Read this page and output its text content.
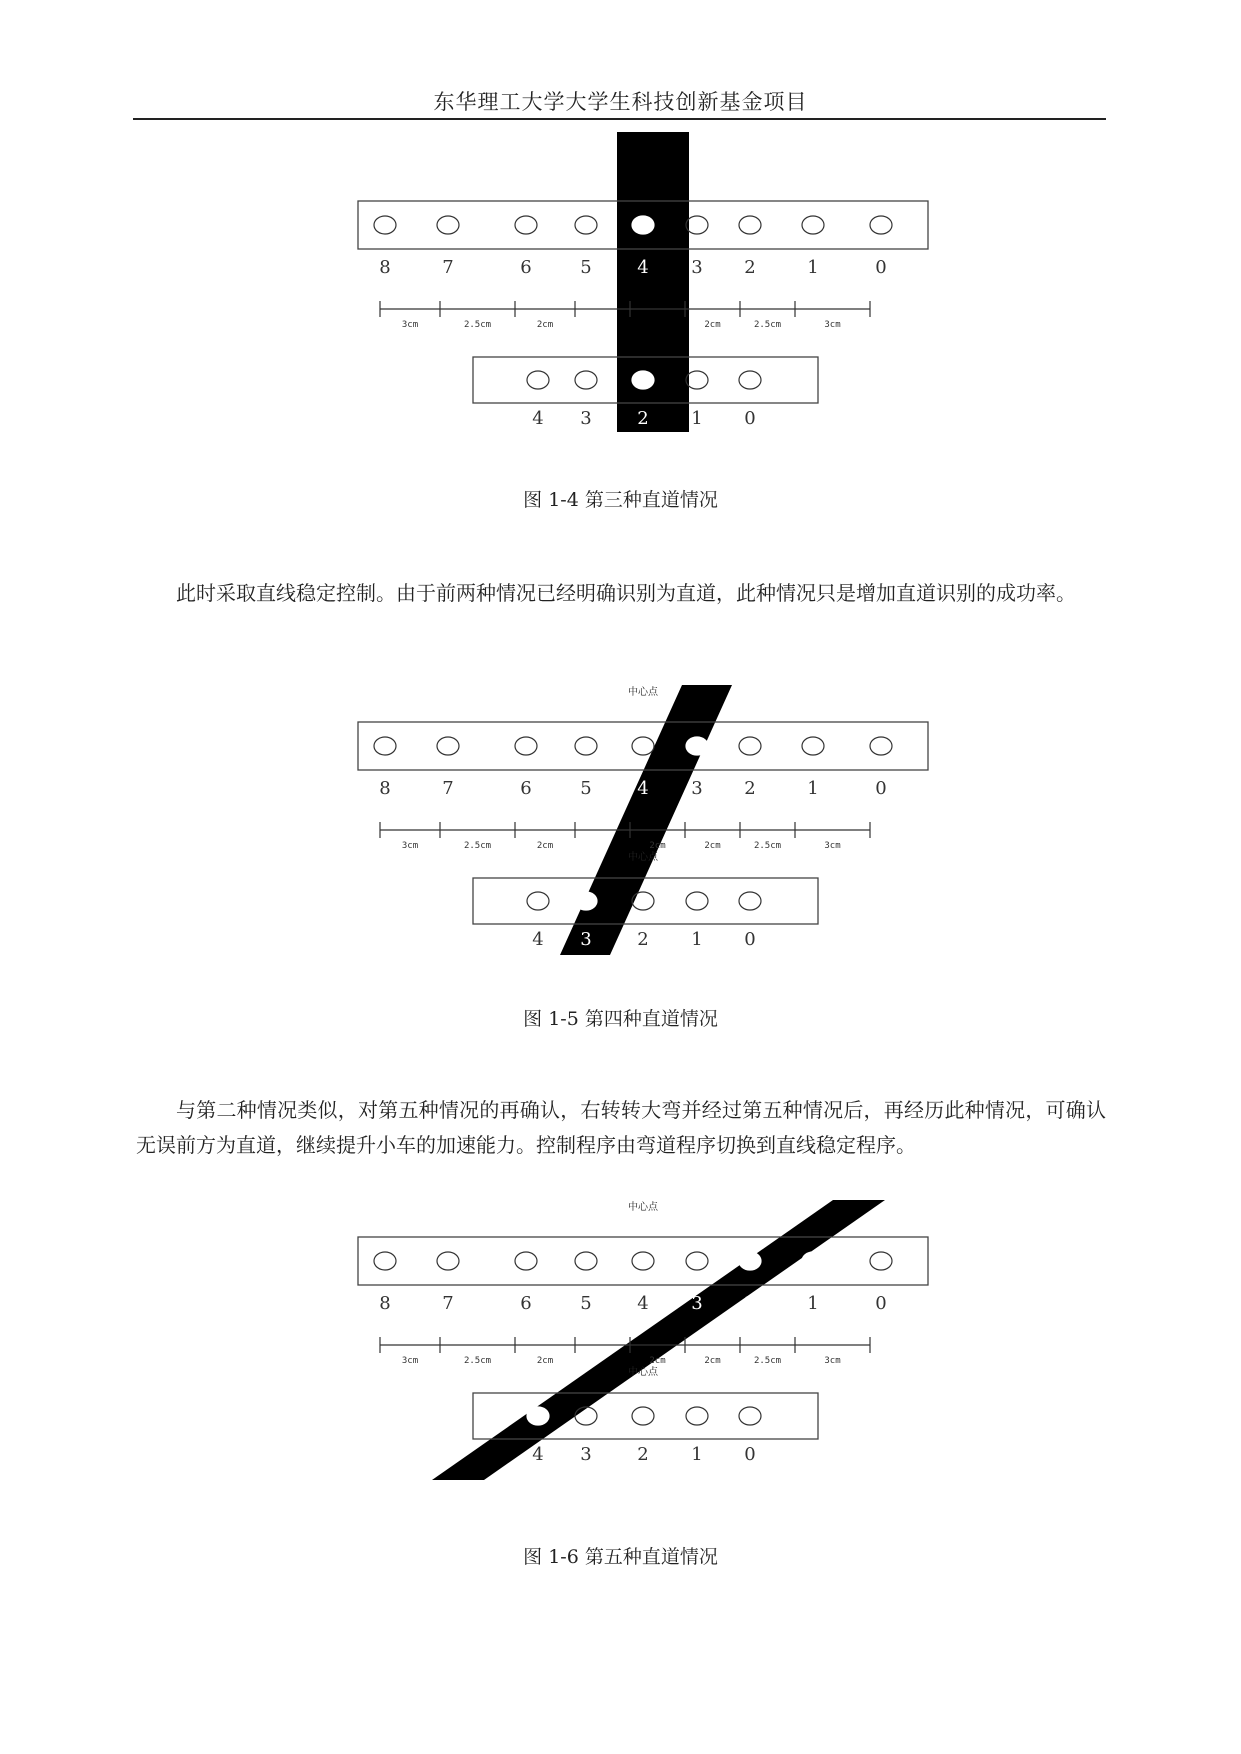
东华理工大学大学生科技创新基金项目
8	7	6	5	4 3 2	1	0
3cm	2.5cm	2cm	2cm	2.5cm	3cm
4 3	2 1 0
图 1-4 第三种直道情况
此时采取直线稳定控制。由于前两种情况已经明确识别为直道，此种情况只是增加直道识别的成功率。
中心点
中心点
8	7	6	5	4 3 2	1	0
3cm	2.5cm	2cm	2cm	2cm	2.5cm	3cm
4 3	2 1 0
图 1-5 第四种直道情况
与第二种情况类似，对第五种情况的再确认，右转转大弯并经过第五种情况后，再经历此种情况，可确认无误前方为直道，继续提升小车的加速能力。控制程序由弯道程序切换到直线稳定程序。
中心点
中心点
8	7	6	5	4 3 2	1	0
3cm	2.5cm	2cm	2cm	2cm	2.5cm	3cm
4 3	2 1 0
图 1-6 第五种直道情况
